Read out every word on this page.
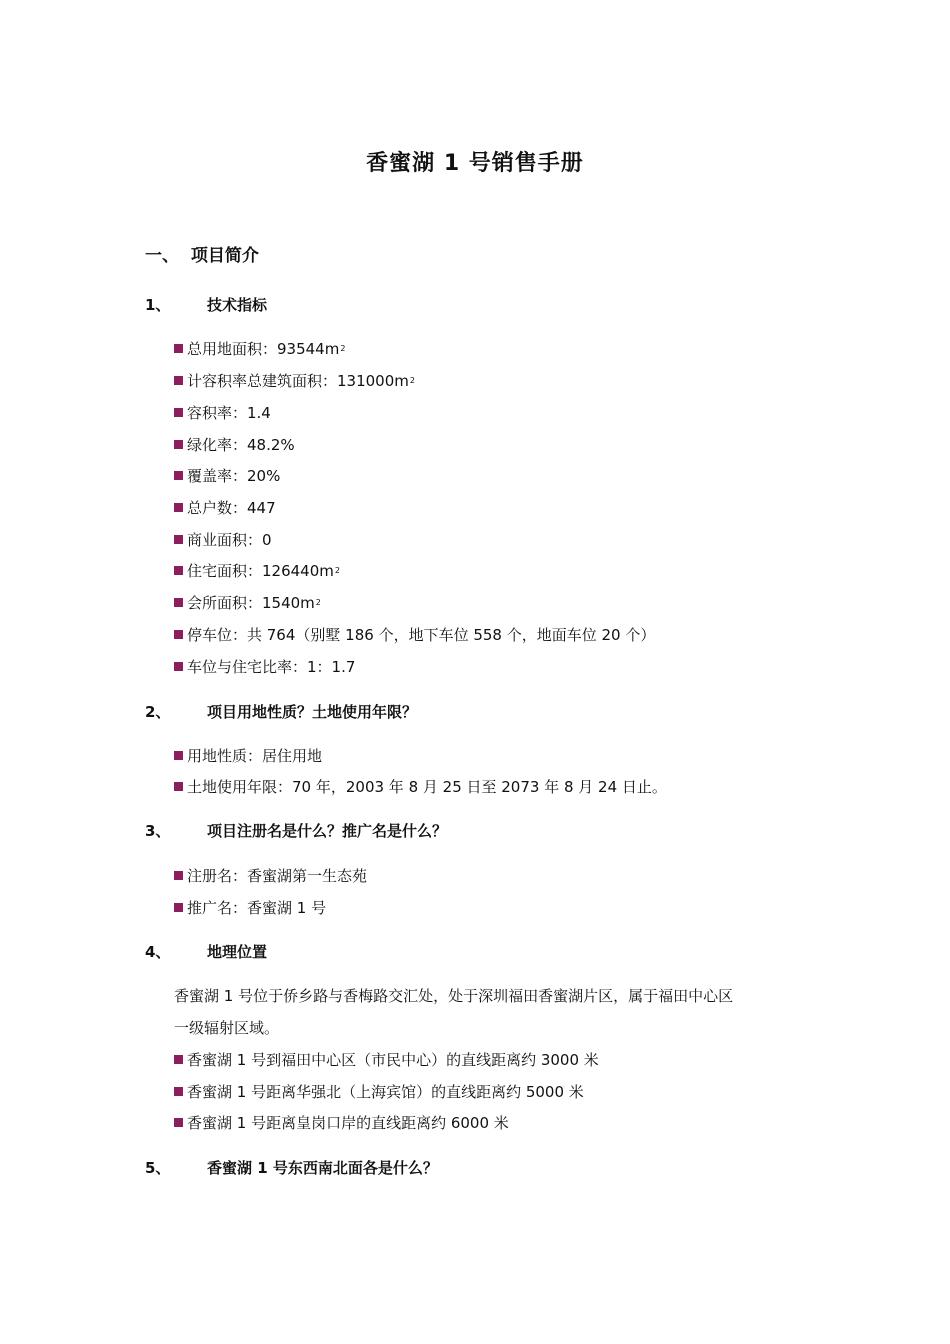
香蜜湖 1 号销售手册
一、 项目简介
1、 技术指标
总用地面积：93544m 2
计容积率总建筑面积：131000m 2
容积率：1.4
绿化率：48.2%
覆盖率：20%
总户数：447
商业面积：0
住宅面积：126440m 2
会所面积：1540m 2
停车位：共 764（别墅 186 个，地下车位 558 个，地面车位 20 个）
车位与住宅比率：1：1.7
2、 项目用地性质？土地使用年限？
用地性质：居住用地
土地使用年限：70 年，2003 年 8 月 25 日至 2073 年 8 月 24 日止。
3、 项目注册名是什么？推广名是什么？
注册名：香蜜湖第一生态苑
推广名：香蜜湖 1 号
4、 地理位置
香蜜湖 1 号位于侨乡路与香梅路交汇处，处于深圳福田香蜜湖片区，属于福田中心区
一级辐射区域。
香蜜湖 1 号到福田中心区（市民中心）的直线距离约 3000 米
香蜜湖 1 号距离华强北（上海宾馆）的直线距离约 5000 米
香蜜湖 1 号距离皇岗口岸的直线距离约 6000 米
5、 香蜜湖 1 号东西南北面各是什么？
